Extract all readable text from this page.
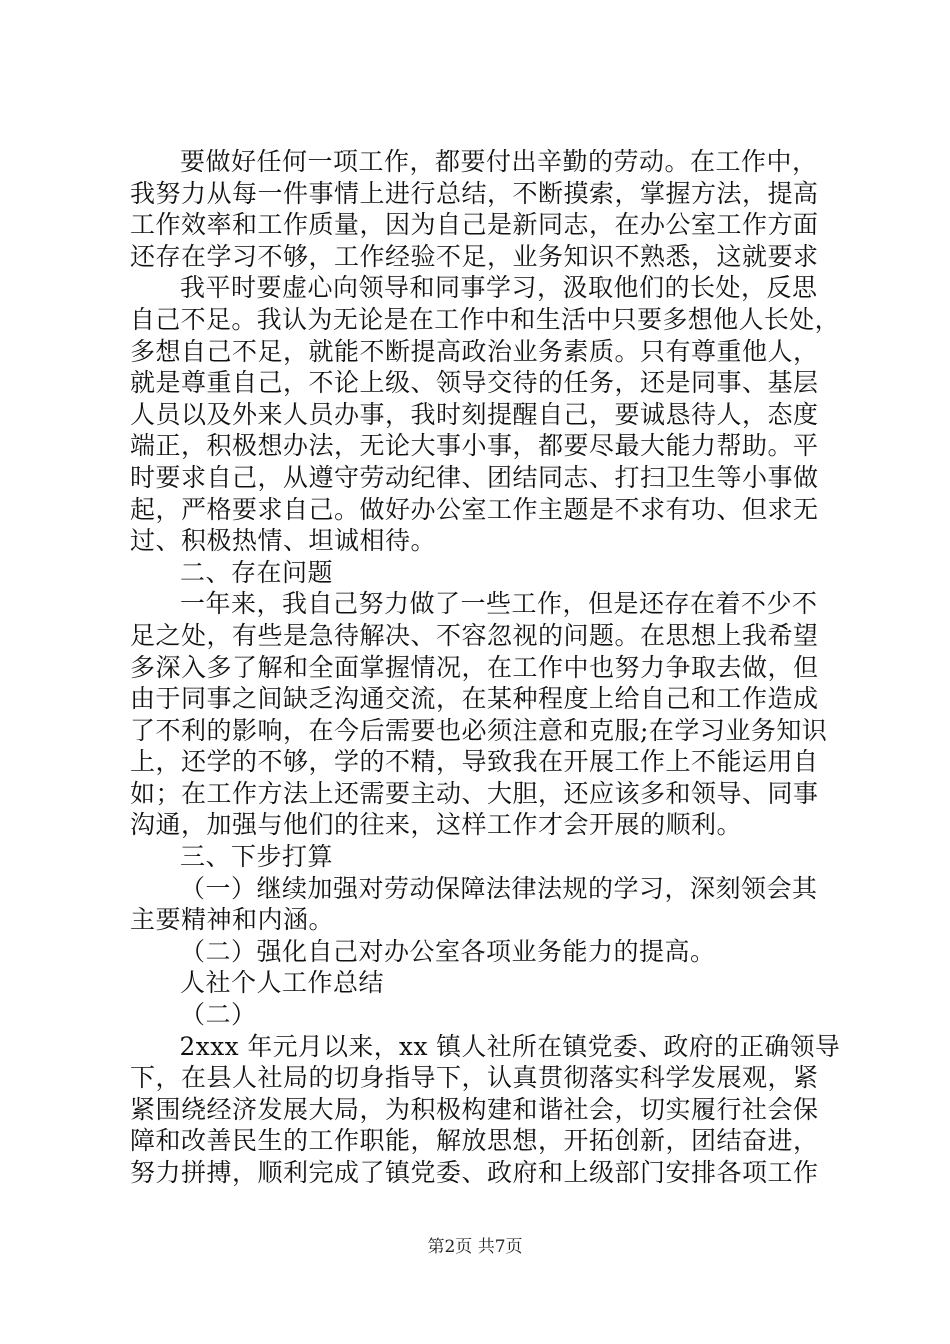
要做好任何一项工作，都要付出辛勤的劳动。在工作中，
我努力从每一件事情上进行总结，不断摸索，掌握方法，提高
工作效率和工作质量，因为自己是新同志，在办公室工作方面
还存在学习不够，工作经验不足，业务知识不熟悉，这就要求
我平时要虚心向领导和同事学习，汲取他们的长处，反思
自己不足。我认为无论是在工作中和生活中只要多想他人长处，
多想自己不足，就能不断提高政治业务素质。只有尊重他人，
就是尊重自己，不论上级、领导交待的任务，还是同事、基层
人员以及外来人员办事，我时刻提醒自己，要诚恳待人，态度
端正，积极想办法，无论大事小事，都要尽最大能力帮助。平
时要求自己，从遵守劳动纪律、团结同志、打扫卫生等小事做
起，严格要求自己。做好办公室工作主题是不求有功、但求无
过、积极热情、坦诚相待。
二、存在问题
一年来，我自己努力做了一些工作，但是还存在着不少不
足之处，有些是急待解决、不容忽视的问题。在思想上我希望
多深入多了解和全面掌握情况，在工作中也努力争取去做，但
由于同事之间缺乏沟通交流，在某种程度上给自己和工作造成
了不利的影响，在今后需要也必须注意和克服;在学习业务知识
上，还学的不够，学的不精，导致我在开展工作上不能运用自
如；在工作方法上还需要主动、大胆，还应该多和领导、同事
沟通，加强与他们的往来，这样工作才会开展的顺利。
三、下步打算
（一）继续加强对劳动保障法律法规的学习，深刻领会其
主要精神和内涵。
（二）强化自己对办公室各项业务能力的提高。
人社个人工作总结
（二）
2xxx 年元月以来，xx 镇人社所在镇党委、政府的正确领导
下，在县人社局的切身指导下，认真贯彻落实科学发展观，紧
紧围绕经济发展大局，为积极构建和谐社会，切实履行社会保
障和改善民生的工作职能，解放思想，开拓创新，团结奋进，
努力拼搏，顺利完成了镇党委、政府和上级部门安排各项工作
第2页 共7页
